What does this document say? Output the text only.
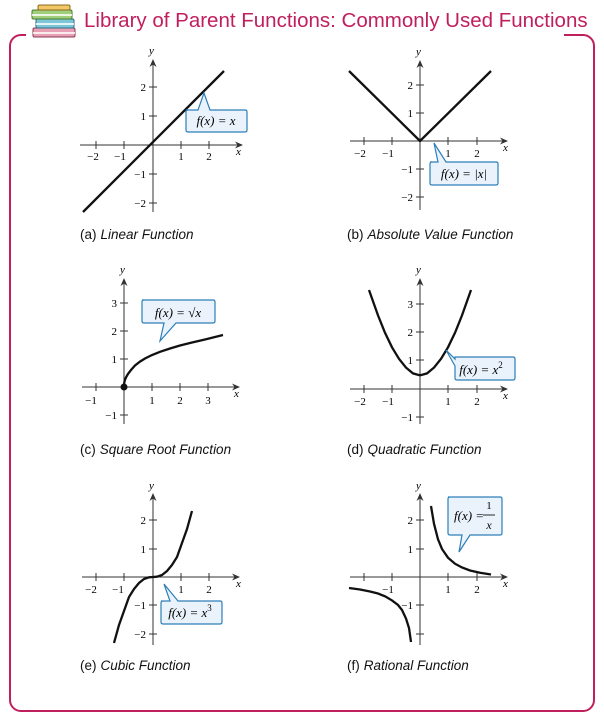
Library of Parent Functions: Commonly Used Functions
x
y
−2 −1	1 2
2
1
−1
−2
f(x) = x
x
y
−2 −1	1 2
2
1
−1
−2
f(x) = |x|
x
y
−1	1 2 3
3
2
1
−1
f(x) = √x
x
y
−2 −1	1 2
3
2
1
−1
$f(x) = x^2$
x
y
−2 −1	1 2
2
1
−1
−2
$f(x) = x^3$
x
y
−1	1 2
2
1
−1
f(x) =
1
x
(a) Linear Function	(b) Absolute Value Function
(c) Square Root Function	(d) Quadratic Function
(e) Cubic Function	(f) Rational Function
